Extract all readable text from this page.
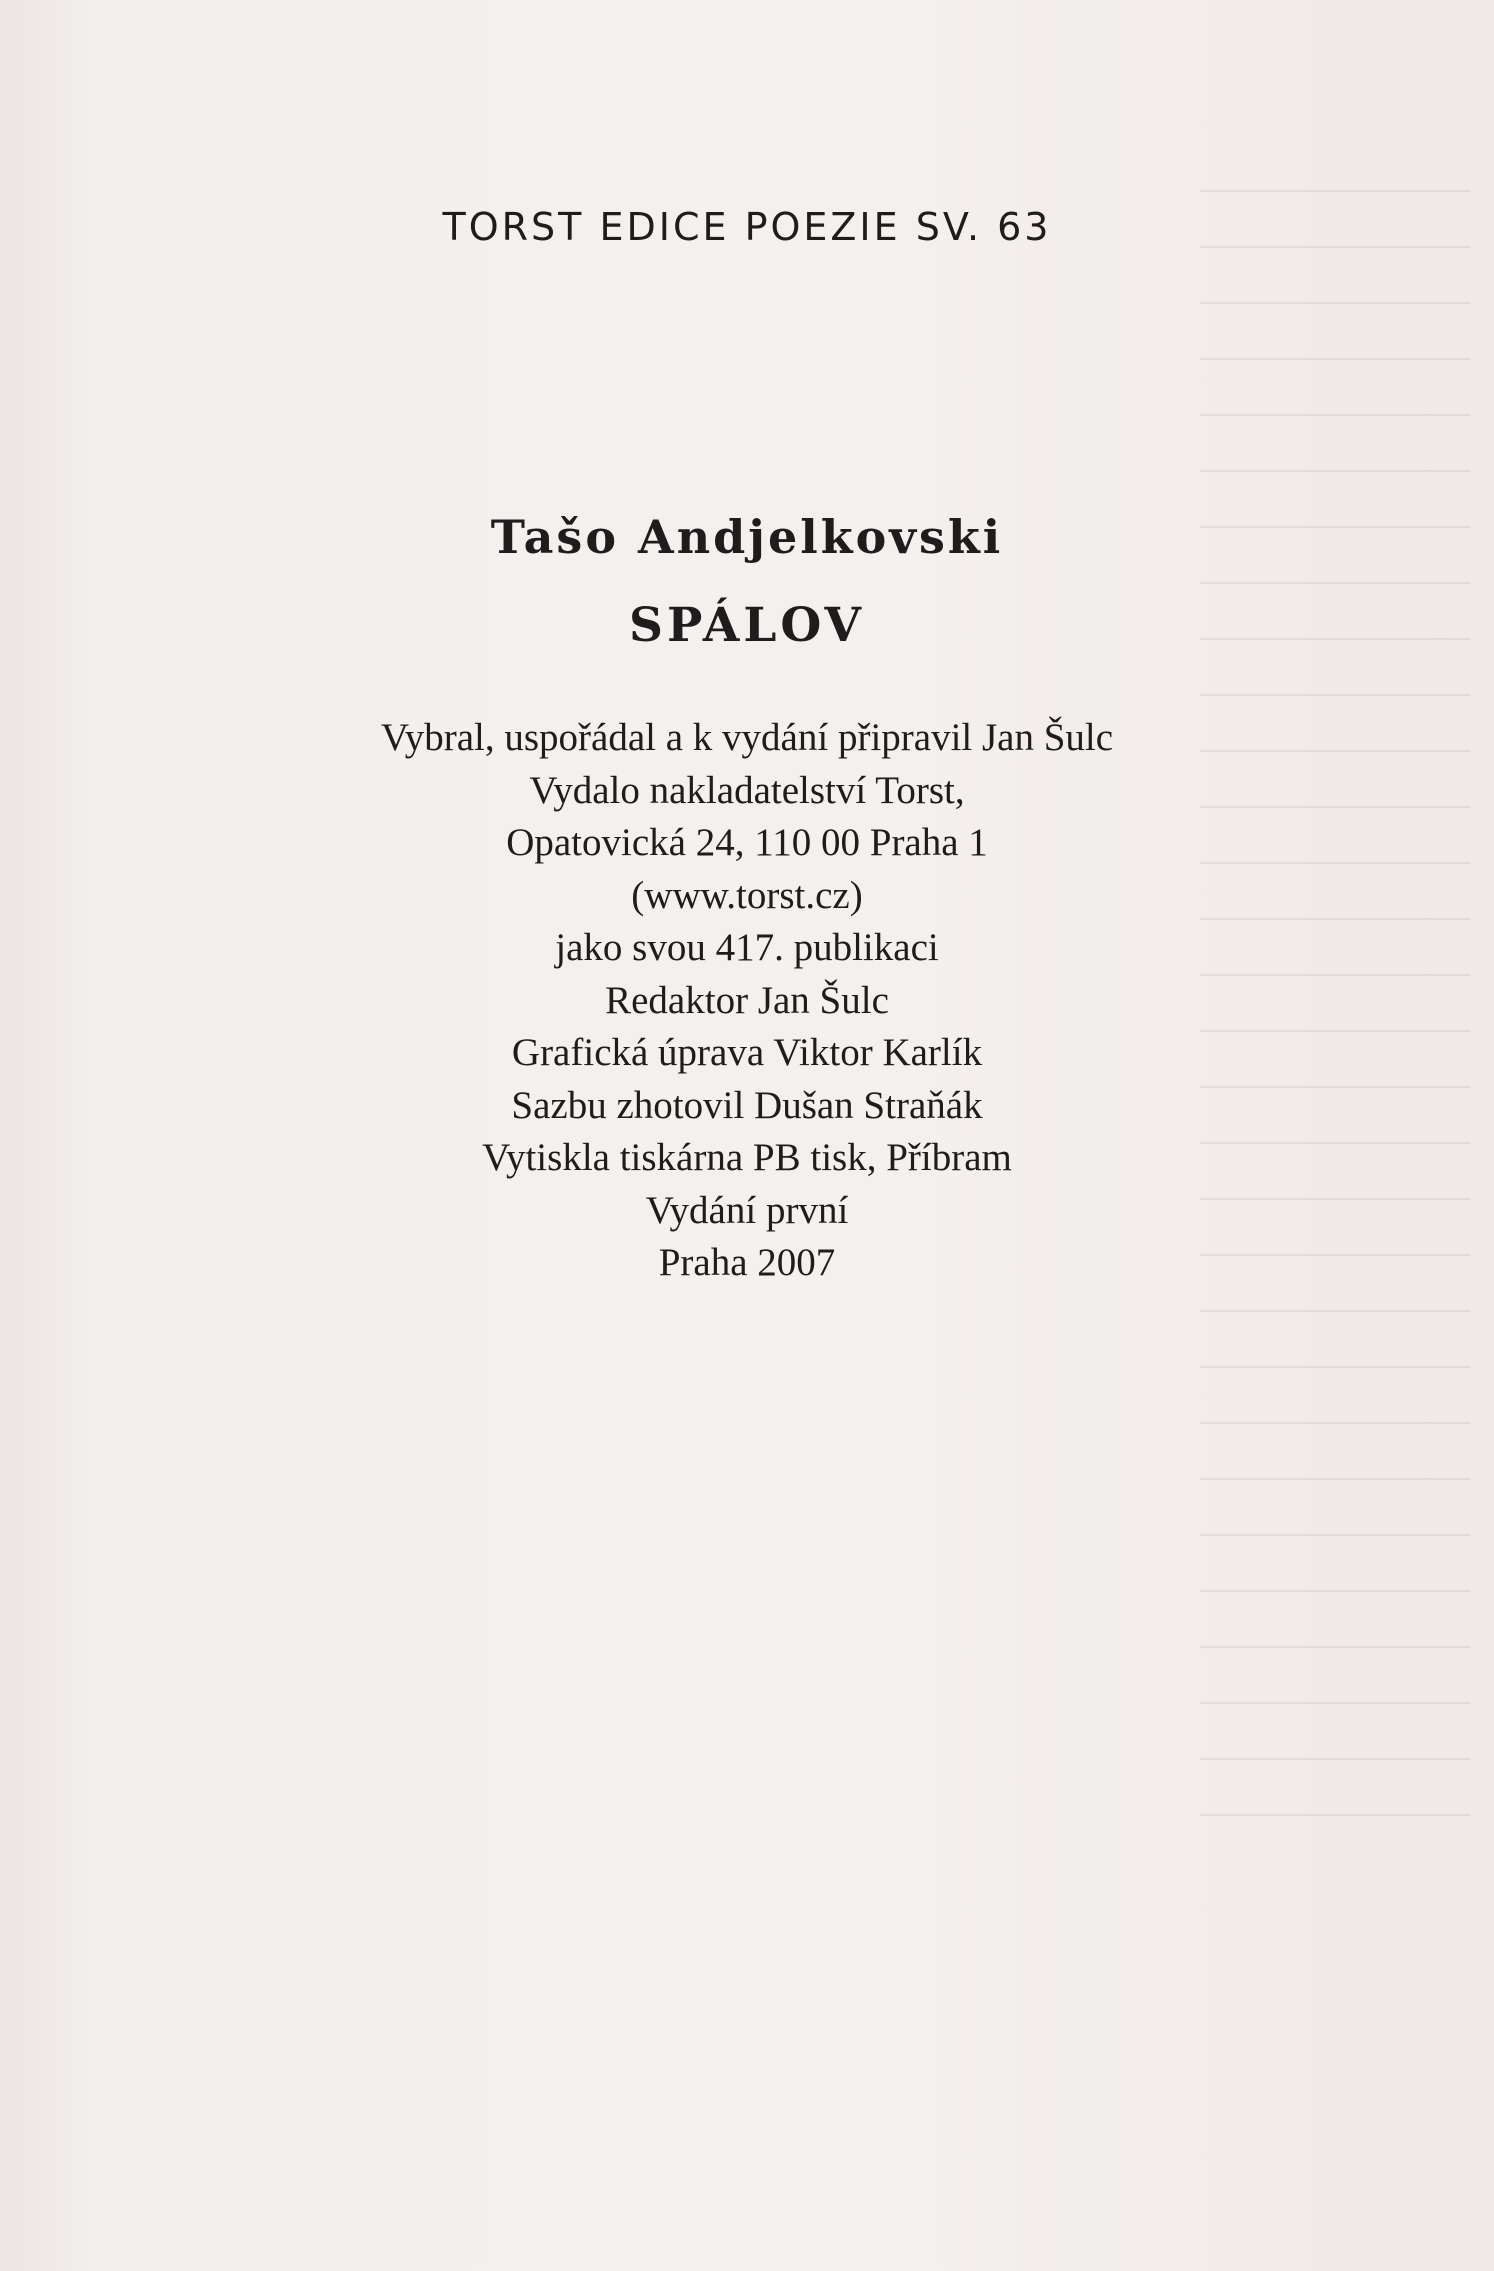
TORST EDICE POEZIE SV. 63
Tašo Andjelkovski
SPÁLOV
Vybral, uspořádal a k vydání připravil Jan Šulc
Vydalo nakladatelství Torst,
Opatovická 24, 110 00 Praha 1
(www.torst.cz)
jako svou 417. publikaci
Redaktor Jan Šulc
Grafická úprava Viktor Karlík
Sazbu zhotovil Dušan Straňák
Vytiskla tiskárna PB tisk, Příbram
Vydání první
Praha 2007
